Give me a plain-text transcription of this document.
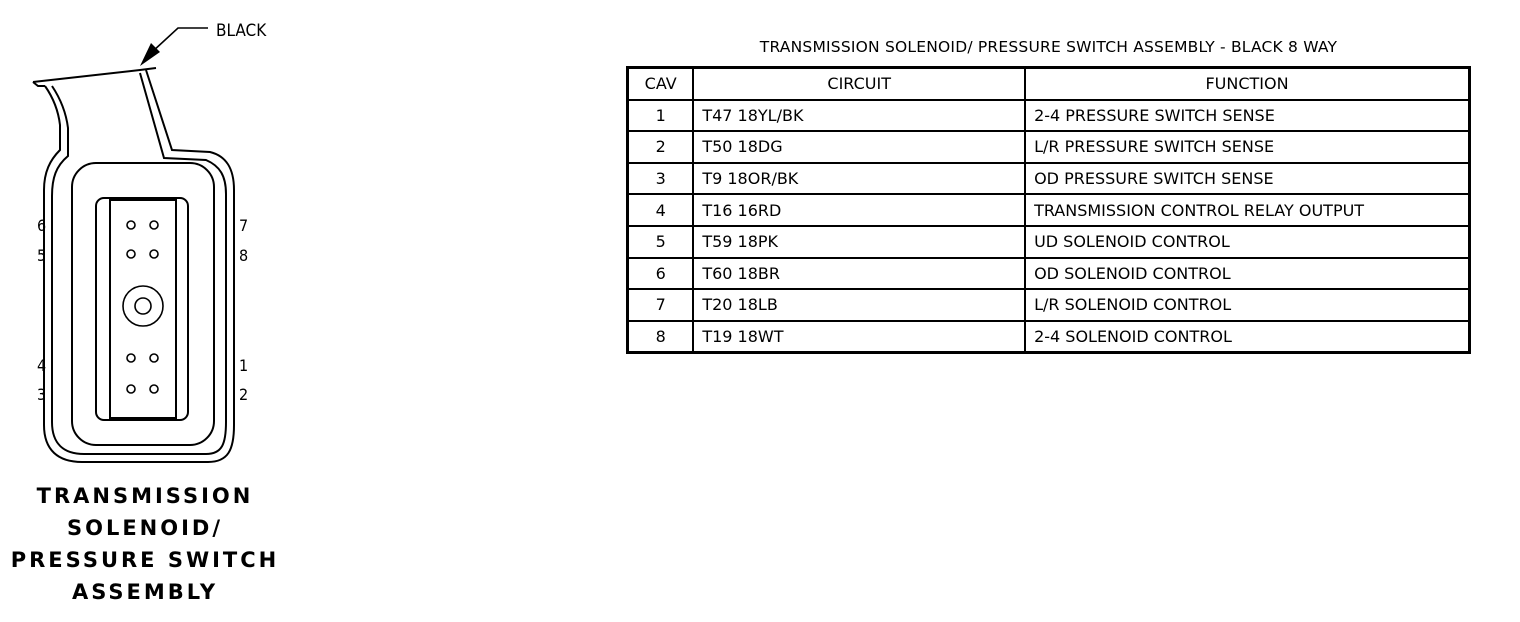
BLACK
6
5
4
3
7
8
1
2
TRANSMISSION
SOLENOID/
PRESSURE SWITCH
ASSEMBLY
TRANSMISSION SOLENOID/ PRESSURE SWITCH ASSEMBLY - BLACK 8 WAY
CAV	CIRCUIT	FUNCTION
1	T47 18YL/BK	2-4 PRESSURE SWITCH SENSE
2	T50 18DG	L/R PRESSURE SWITCH SENSE
3	T9 18OR/BK	OD PRESSURE SWITCH SENSE
4	T16 16RD	TRANSMISSION CONTROL RELAY OUTPUT
5	T59 18PK	UD SOLENOID CONTROL
6	T60 18BR	OD SOLENOID CONTROL
7	T20 18LB	L/R SOLENOID CONTROL
8	T19 18WT	2-4 SOLENOID CONTROL
